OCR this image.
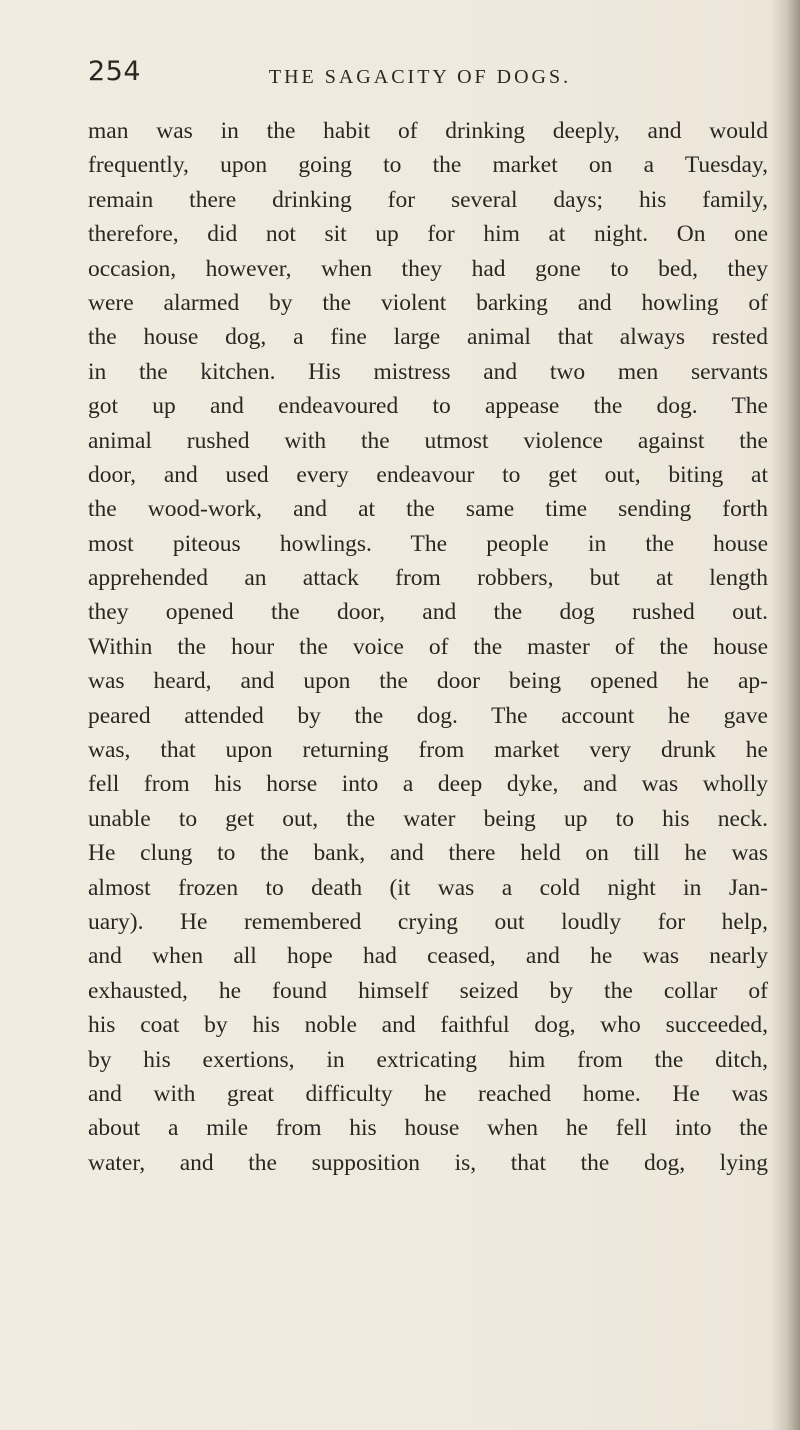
254	THE SAGACITY OF DOGS.
man was in the habit of drinking deeply, and would
frequently, upon going to the market on a Tuesday,
remain there drinking for several days; his family,
therefore, did not sit up for him at night. On one
occasion, however, when they had gone to bed, they
were alarmed by the violent barking and howling of
the house dog, a fine large animal that always rested
in the kitchen. His mistress and two men servants
got up and endeavoured to appease the dog. The
animal rushed with the utmost violence against the
door, and used every endeavour to get out, biting at
the wood-work, and at the same time sending forth
most piteous howlings. The people in the house
apprehended an attack from robbers, but at length
they opened the door, and the dog rushed out.
Within the hour the voice of the master of the house
was heard, and upon the door being opened he ap-
peared attended by the dog. The account he gave
was, that upon returning from market very drunk he
fell from his horse into a deep dyke, and was wholly
unable to get out, the water being up to his neck.
He clung to the bank, and there held on till he was
almost frozen to death (it was a cold night in Jan-
uary). He remembered crying out loudly for help,
and when all hope had ceased, and he was nearly
exhausted, he found himself seized by the collar of
his coat by his noble and faithful dog, who succeeded,
by his exertions, in extricating him from the ditch,
and with great difficulty he reached home. He was
about a mile from his house when he fell into the
water, and the supposition is, that the dog, lying
